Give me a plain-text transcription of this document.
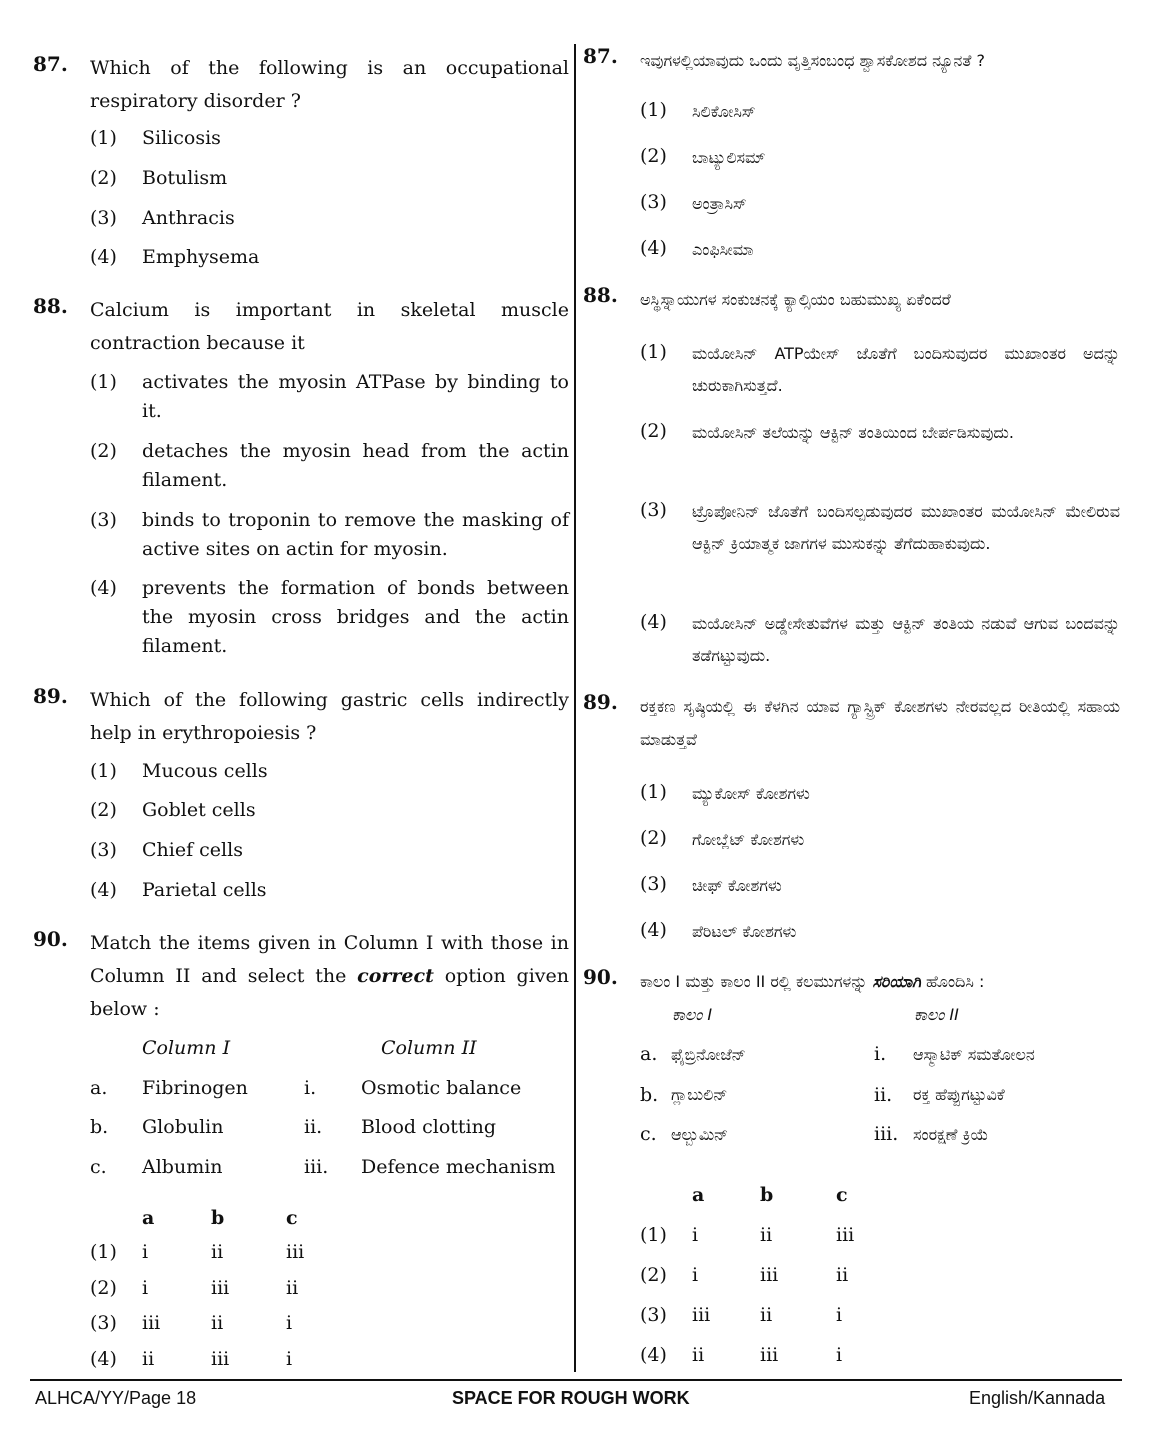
87. Which of the following is an occupational respiratory disorder ?
(1) Silicosis
(2) Botulism
(3) Anthracis
(4) Emphysema
88. Calcium is important in skeletal muscle contraction because it
(1) activates the myosin ATPase by binding to it.
(2) detaches the myosin head from the actin filament.
(3) binds to troponin to remove the masking of active sites on actin for myosin.
(4) prevents the formation of bonds between the myosin cross bridges and the actin filament.
89. Which of the following gastric cells indirectly help in erythropoiesis ?
(1) Mucous cells
(2) Goblet cells
(3) Chief cells
(4) Parietal cells
90. Match the items given in Column I with those in Column II and select the correct option given below :
Column I	Column II
a. Fibrinogen	i. Osmotic balance
b. Globulin	ii. Blood clotting
c. Albumin	iii. Defence mechanism
a	b	c
(1) i	ii	iii
(2) i	iii	ii
(3) iii	ii	i
(4) ii	iii	i
87. ಇವುಗಳಲ್ಲಿಯಾವುದು ಒಂದು ವೃತ್ತಿಸಂಬಂಧ ಶ್ವಾಸಕೋಶದ ನ್ಯೂನತೆ ?
(1) ಸಿಲಿಕೋಸಿಸ್
(2) ಬಾಟ್ಯುಲಿಸಮ್
(3) ಅಂತ್ರಾಸಿಸ್
(4) ಎಂಫಿಸೀಮಾ
88. ಅಸ್ಥಿಸ್ನಾಯುಗಳ ಸಂಕುಚನಕ್ಕೆ ಕ್ಯಾಲ್ಸಿಯಂ ಬಹುಮುಖ್ಯ ಏಕೆಂದರೆ
(1) ಮಯೋಸಿನ್ ATPಯೇಸ್ ಜೊತೆಗೆ ಬಂದಿಸುವುದರ ಮುಖಾಂತರ ಅದನ್ನು ಚುರುಕಾಗಿಸುತ್ತದೆ.
(2) ಮಯೋಸಿನ್ ತಲೆಯನ್ನು ಆಕ್ಟಿನ್ ತಂತಿಯಿಂದ ಬೇರ್ಪಡಿಸುವುದು.
(3) ಟ್ರೊಪೋನಿನ್ ಜೊತೆಗೆ ಬಂದಿಸಲ್ಪಡುವುದರ ಮುಖಾಂತರ ಮಯೋಸಿನ್ ಮೇಲಿರುವ ಆಕ್ಟಿನ್ ಕ್ರಿಯಾತ್ಮಕ ಜಾಗಗಳ ಮುಸುಕನ್ನು ತೆಗೆದುಹಾಕುವುದು.
(4) ಮಯೋಸಿನ್ ಅಡ್ಡೇಸೇತುವೆಗಳ ಮತ್ತು ಆಕ್ಟಿನ್ ತಂತಿಯ ನಡುವೆ ಆಗುವ ಬಂದವನ್ನು ತಡೆಗಟ್ಟುವುದು.
89. ರಕ್ತಕಣ ಸೃಷ್ಠಿಯಲ್ಲಿ ಈ ಕೆಳಗಿನ ಯಾವ ಗ್ಯಾಸ್ಟ್ರಿಕ್ ಕೋಶಗಳು ನೇರವಲ್ಲದ ರೀತಿಯಲ್ಲಿ ಸಹಾಯ ಮಾಡುತ್ತವೆ
(1) ಮ್ಯುಕೋಸ್ ಕೋಶಗಳು
(2) ಗೋಬ್ಲೆಟ್ ಕೋಶಗಳು
(3) ಚೀಫ್ ಕೋಶಗಳು
(4) ಪೆರಿಟಲ್ ಕೋಶಗಳು
90. ಕಾಲಂ I ಮತ್ತು ಕಾಲಂ II ರಲ್ಲಿ ಕಲಮುಗಳನ್ನು ಸರಿಯಾಗಿ ಹೊಂದಿಸಿ :
ಕಾಲಂ I	ಕಾಲಂ II
a. ಫೈಬ್ರಿನೋಜೆನ್	i. ಆಸ್ಮಾಟಿಕ್ ಸಮತೋಲನ
b. ಗ್ಲಾಬುಲಿನ್	ii. ರಕ್ತ ಹೆಪ್ಪುಗಟ್ಟುವಿಕೆ
c. ಆಲ್ಬುಮಿನ್	iii. ಸಂರಕ್ಷಣೆ ಕ್ರಿಯೆ
a	b	c
(1) i	ii	iii
(2) i	iii	ii
(3) iii	ii	i
(4) ii	iii	i
ALHCA/YY/Page 18	SPACE FOR ROUGH WORK	English/Kannada
